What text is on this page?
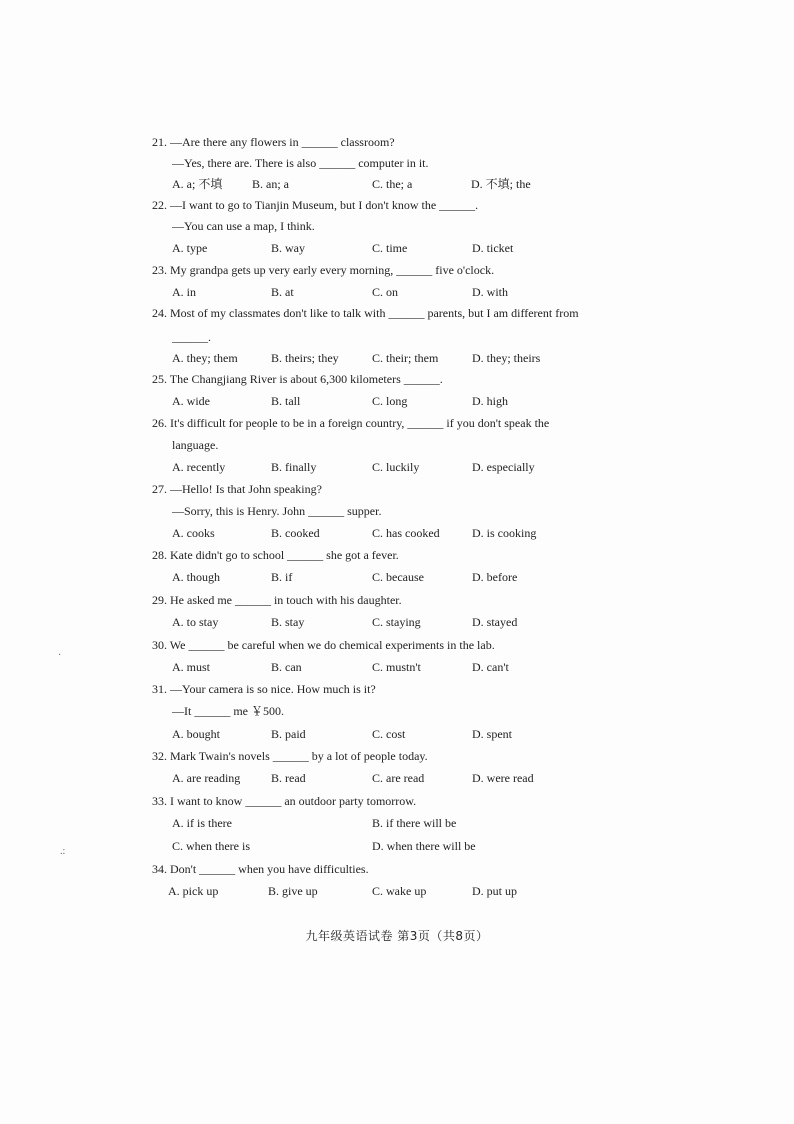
21. —Are there any flowers in ______ classroom?
—Yes, there are. There is also ______ computer in it.
A. a; 不填 B. an; a	C. the; a	D. 不填; the
22. —I want to go to Tianjin Museum, but I don't know the ______.
—You can use a map, I think.
A. type	B. way	C. time	D. ticket
23. My grandpa gets up very early every morning, ______ five o'clock.
A. in	B. at	C. on	D. with
24. Most of my classmates don't like to talk with ______ parents, but I am different from
______.
A. they; them	B. theirs; they	C. their; them	D. they; theirs
25. The Changjiang River is about 6,300 kilometers ______.
A. wide	B. tall	C. long	D. high
26. It's difficult for people to be in a foreign country, ______ if you don't speak the
language.
A. recently	B. finally	C. luckily	D. especially
27. —Hello! Is that John speaking?
—Sorry, this is Henry. John ______ supper.
A. cooks	B. cooked	C. has cooked	D. is cooking
28. Kate didn't go to school ______ she got a fever.
A. though	B. if	C. because	D. before
29. He asked me ______ in touch with his daughter.
A. to stay	B. stay	C. staying	D. stayed
30. We ______ be careful when we do chemical experiments in the lab.
A. must	B. can	C. mustn't	D. can't
31. —Your camera is so nice. How much is it?
—It ______ me ￥500.
A. bought	B. paid	C. cost	D. spent
32. Mark Twain's novels ______ by a lot of people today.
A. are reading	B. read	C. are read	D. were read
33. I want to know ______ an outdoor party tomorrow.
A. if is there	B. if there will be
C. when there is	D. when there will be
34. Don't ______ when you have difficulties.
A. pick up	B. give up	C. wake up	D. put up
九年级英语试卷 第3页（共8页）
.:
·
